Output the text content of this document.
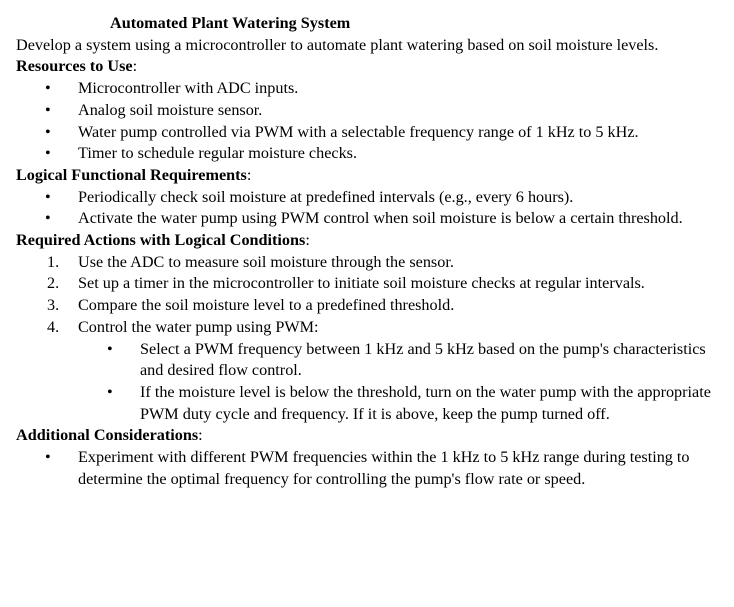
Automated Plant Watering System

Develop a system using a microcontroller to automate plant watering based on soil moisture levels.

Resources to Use:

• Microcontroller with ADC inputs.
• Analog soil moisture sensor.
• Water pump controlled via PWM with a selectable frequency range of 1 kHz to 5 kHz.
• Timer to schedule regular moisture checks.

Logical Functional Requirements:

• Periodically check soil moisture at predefined intervals (e.g., every 6 hours).
• Activate the water pump using PWM control when soil moisture is below a certain threshold.

Required Actions with Logical Conditions:

1. Use the ADC to measure soil moisture through the sensor.
2. Set up a timer in the microcontroller to initiate soil moisture checks at regular intervals.
3. Compare the soil moisture level to a predefined threshold.
4. Control the water pump using PWM:
• Select a PWM frequency between 1 kHz and 5 kHz based on the pump's characteristics and desired flow control.
• If the moisture level is below the threshold, turn on the water pump with the appropriate PWM duty cycle and frequency. If it is above, keep the pump turned off.

Additional Considerations:

• Experiment with different PWM frequencies within the 1 kHz to 5 kHz range during testing to determine the optimal frequency for controlling the pump's flow rate or speed.
